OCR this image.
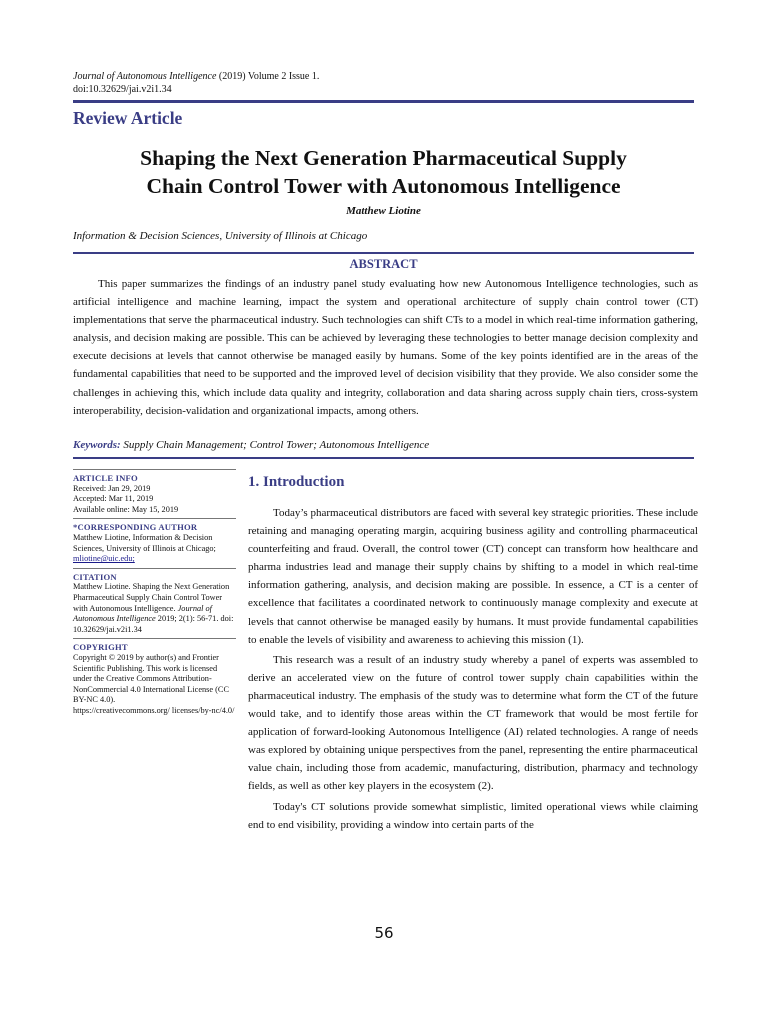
Journal of Autonomous Intelligence (2019) Volume 2 Issue 1.
doi:10.32629/jai.v2i1.34
Review Article
Shaping the Next Generation Pharmaceutical Supply
Chain Control Tower with Autonomous Intelligence
Matthew Liotine
Information & Decision Sciences, University of Illinois at Chicago
ABSTRACT
This paper summarizes the findings of an industry panel study evaluating how new Autonomous Intelligence technologies, such as artificial intelligence and machine learning, impact the system and operational architecture of supply chain control tower (CT) implementations that serve the pharmaceutical industry. Such technologies can shift CTs to a model in which real-time information gathering, analysis, and decision making are possible. This can be achieved by leveraging these technologies to better manage decision complexity and execute decisions at levels that cannot otherwise be managed easily by humans. Some of the key points identified are in the areas of the fundamental capabilities that need to be supported and the improved level of decision visibility that they provide. We also consider some the challenges in achieving this, which include data quality and integrity, collaboration and data sharing across supply chain tiers, cross-system interoperability, decision-validation and organizational impacts, among others.
Keywords: Supply Chain Management; Control Tower; Autonomous Intelligence
ARTICLE INFO
Received: Jan 29, 2019
Accepted: Mar 11, 2019
Available online: May 15, 2019
*CORRESPONDING AUTHOR
Matthew Liotine, Information & Decision Sciences, University of Illinois at Chicago;
mliotine@uic.edu;
CITATION
Matthew Liotine. Shaping the Next Generation Pharmaceutical Supply Chain Control Tower with Autonomous Intelligence. Journal of Autonomous Intelligence 2019; 2(1): 56-71. doi: 10.32629/jai.v2i1.34
COPYRIGHT
Copyright © 2019 by author(s) and Frontier Scientific Publishing. This work is licensed under the Creative Commons Attribution-NonCommercial 4.0 International License (CC BY-NC 4.0).
https://creativecommons.org/ licenses/by-nc/4.0/
1. Introduction

Today’s pharmaceutical distributors are faced with several key strategic priorities. These include retaining and managing operating margin, acquiring business agility and controlling pharmaceutical counterfeiting and fraud. Overall, the control tower (CT) concept can transform how healthcare and pharma industries lead and manage their supply chains by shifting to a model in which real-time information gathering, analysis, and decision making are possible. In essence, a CT is a center of excellence that facilitates a coordinated network to continuously manage complexity and execute at levels that cannot otherwise be managed easily by humans. It must provide fundamental capabilities to enable the levels of visibility and awareness to achieving this mission (1).

This research was a result of an industry study whereby a panel of experts was assembled to derive an accelerated view on the future of control tower supply chain capabilities within the pharmaceutical industry. The emphasis of the study was to determine what form the CT of the future would take, and to identify those areas within the CT framework that would be most fertile for application of forward-looking Autonomous Intelligence (AI) related technologies. A range of needs was explored by obtaining unique perspectives from the panel, representing the entire pharmaceutical value chain, including those from academic, manufacturing, distribution, pharmacy and technology fields, as well as other key players in the ecosystem (2).

Today's CT solutions provide somewhat simplistic, limited operational views while claiming end to end visibility, providing a window into certain parts of the

56
